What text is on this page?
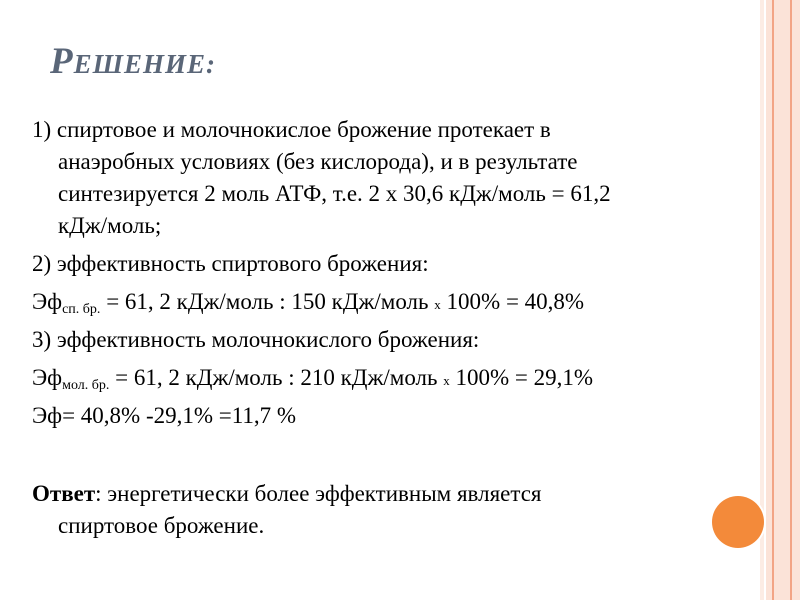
РЕШЕНИЕ:
1) спиртовое и молочнокислое брожение протекает в
анаэробных условиях (без кислорода), и в результате
синтезируется 2 моль АТФ, т.е. 2 х 30,6 кДж/моль = 61,2
кДж/моль;
2) эффективность спиртового брожения:
$Эф_{сп. бр.} = 61$, 2 кДж/моль : 150 кДж/моль х 100% = 40,8%
3) эффективность молочнокислого брожения:
$Эф_{мол. бр.} = 61$, 2 кДж/моль : 210 кДж/моль х 100% = 29,1%
Эф= 40,8% -29,1% =11,7 %
Ответ: энергетически более эффективным является
спиртовое брожение.
